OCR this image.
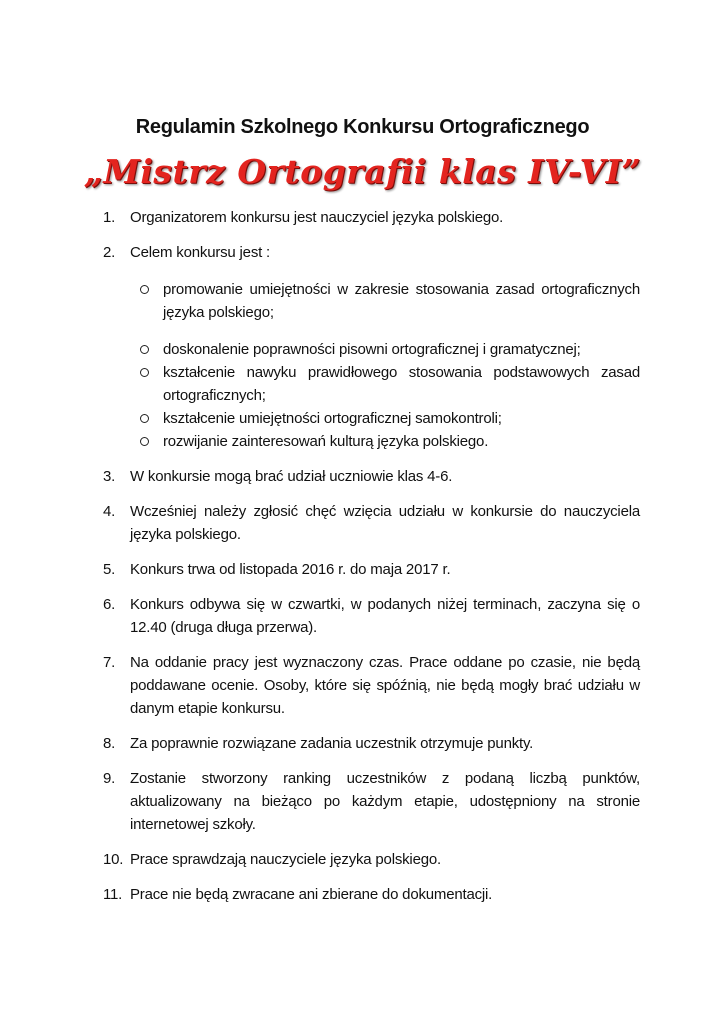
Regulamin Szkolnego Konkursu Ortograficznego
„Mistrz Ortografii klas IV-VI”
1. Organizatorem konkursu jest nauczyciel języka polskiego.
2. Celem konkursu jest :
promowanie umiejętności w zakresie stosowania zasad ortograficznych języka polskiego;
doskonalenie poprawności pisowni ortograficznej i gramatycznej;
kształcenie nawyku prawidłowego stosowania podstawowych zasad ortograficznych;
kształcenie umiejętności ortograficznej samokontroli;
rozwijanie zainteresowań kulturą języka polskiego.
3. W konkursie mogą brać udział uczniowie klas 4-6.
4. Wcześniej należy zgłosić chęć wzięcia udziału w konkursie do nauczyciela języka polskiego.
5. Konkurs trwa od listopada 2016 r. do maja 2017 r.
6. Konkurs odbywa się w czwartki, w podanych niżej terminach, zaczyna się o 12.40 (druga długa przerwa).
7. Na oddanie pracy jest wyznaczony czas. Prace oddane po czasie, nie będą poddawane ocenie. Osoby, które się spóźnią, nie będą mogły brać udziału w danym etapie konkursu.
8. Za poprawnie rozwiązane zadania uczestnik otrzymuje punkty.
9. Zostanie stworzony ranking uczestników z podaną liczbą punktów, aktualizowany na bieżąco po każdym etapie, udostępniony na stronie internetowej szkoły.
10. Prace sprawdzają nauczyciele języka polskiego.
11. Prace nie będą zwracane ani zbierane do dokumentacji.
